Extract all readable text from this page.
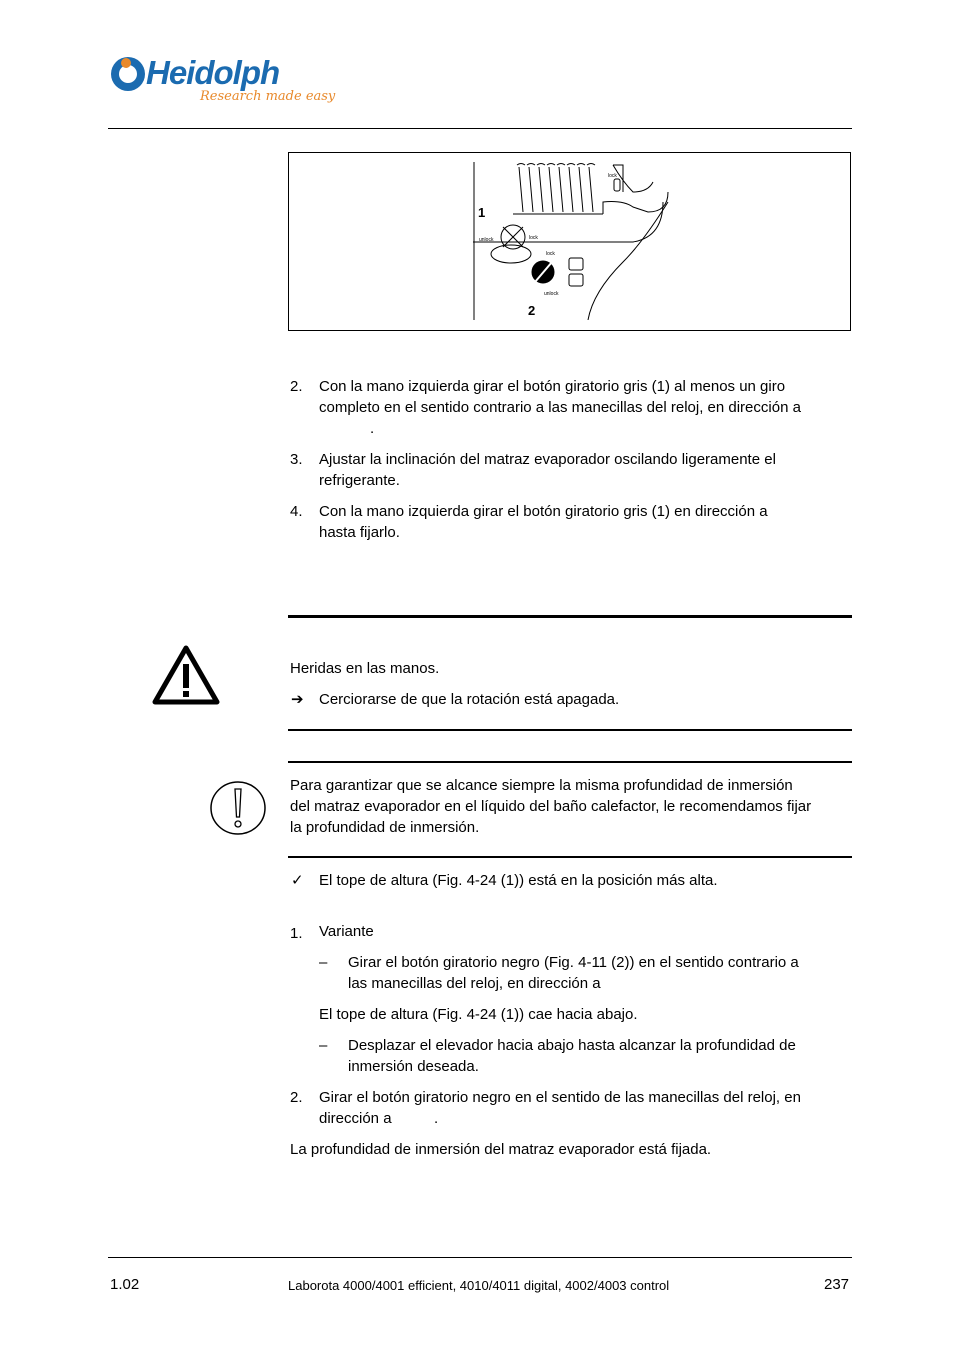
Heidolph
Research made easy
1
2
unlock	lock
lock
unlock
lock
2. Con la mano izquierda girar el botón giratorio gris (1) al menos un giro
completo en el sentido contrario a las manecillas del reloj, en dirección a
.
3. Ajustar la inclinación del matraz evaporador oscilando ligeramente el
refrigerante.
4. Con la mano izquierda girar el botón giratorio gris (1) en dirección a
hasta fijarlo.
Heridas en las manos.
➔ Cerciorarse de que la rotación está apagada.
Para garantizar que se alcance siempre la misma profundidad de inmersión
del matraz evaporador en el líquido del baño calefactor, le recomendamos fijar
la profundidad de inmersión.
✓ El tope de altura (Fig. 4-24 (1)) está en la posición más alta.
1. Variante
– Girar el botón giratorio negro (Fig. 4-11 (2)) en el sentido contrario a
las manecillas del reloj, en dirección a
El tope de altura (Fig. 4-24 (1)) cae hacia abajo.
– Desplazar el elevador hacia abajo hasta alcanzar la profundidad de
inmersión deseada.
2. Girar el botón giratorio negro en el sentido de las manecillas del reloj, en
dirección a	.
La profundidad de inmersión del matraz evaporador está fijada.
1.02	Laborota 4000/4001 efficient, 4010/4011 digital, 4002/4003 control	237
